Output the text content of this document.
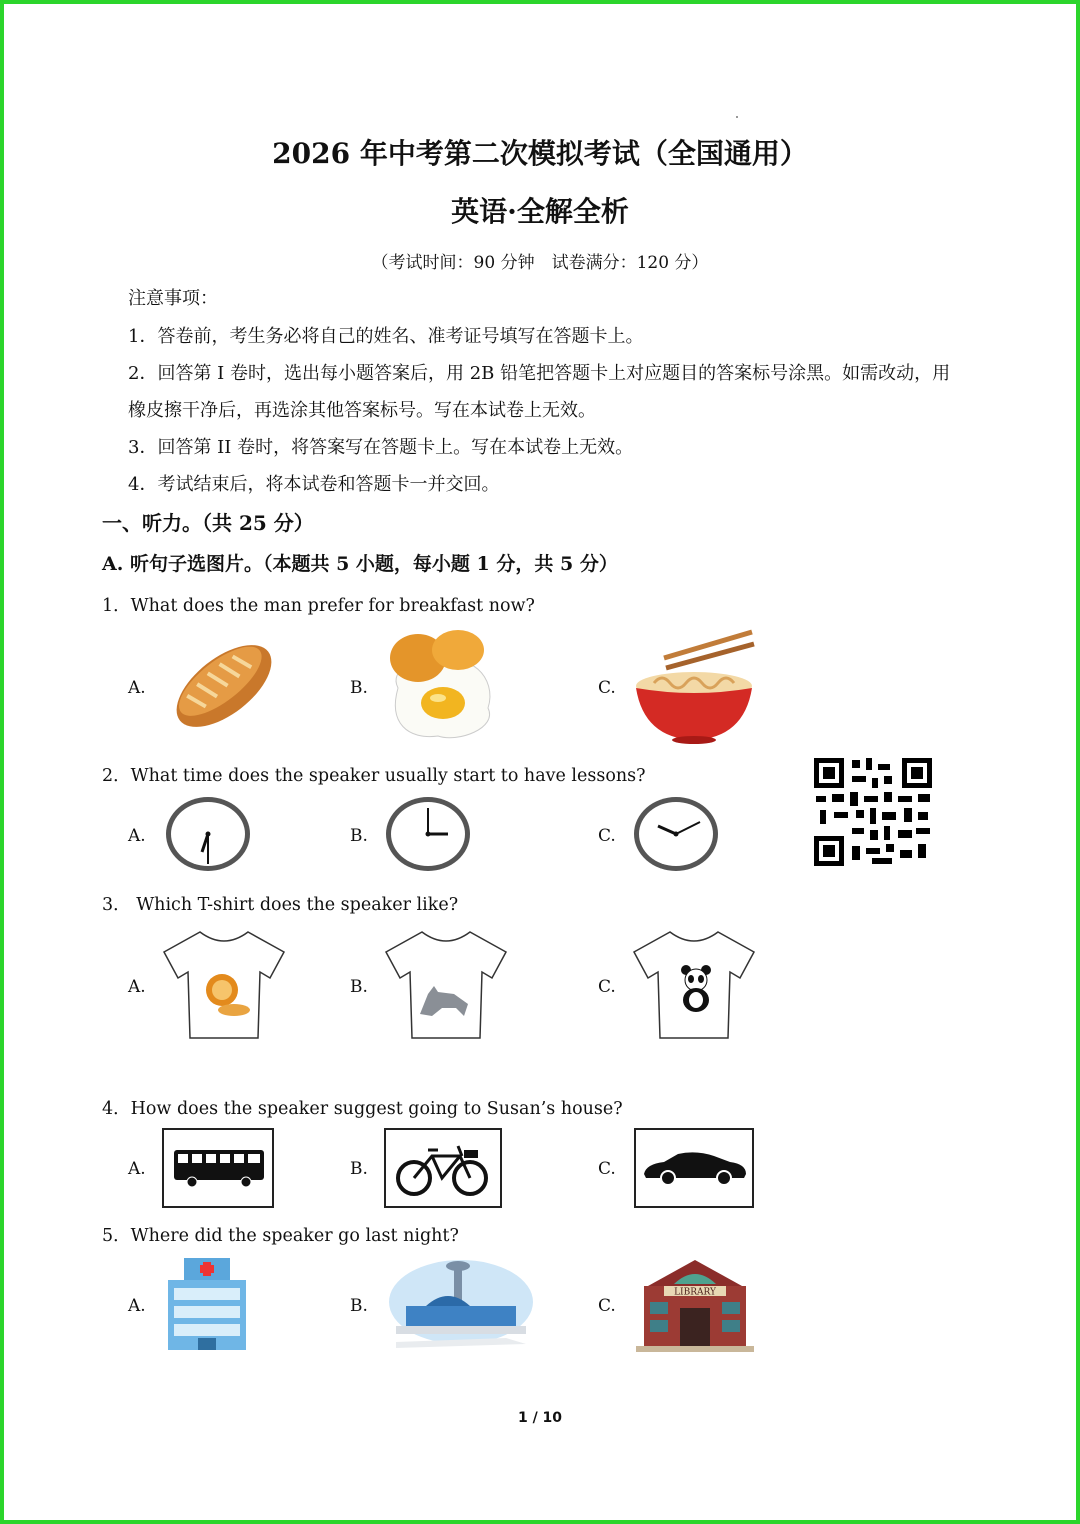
2026 年中考第二次模拟考试（全国通用）
英语·全解全析
（考试时间：90 分钟　试卷满分：120 分）
注意事项：
1．答卷前，考生务必将自己的姓名、准考证号填写在答题卡上。
2．回答第 I 卷时，选出每小题答案后，用 2B 铅笔把答题卡上对应题目的答案标号涂黑。如需改动，用
橡皮擦干净后，再选涂其他答案标号。写在本试卷上无效。
3．回答第 II 卷时，将答案写在答题卡上。写在本试卷上无效。
4．考试结束后，将本试卷和答题卡一并交回。
一、听力。（共 25 分）
A. 听句子选图片。（本题共 5 小题，每小题 1 分，共 5 分）
1．What does the man prefer for breakfast now?
A.	B.	C.
2．What time does the speaker usually start to have lessons?
A.	B.	C.
3． Which T-shirt does the speaker like?
A.	B.	C.
4．How does the speaker suggest going to Susan’s house?
A.	B.	C.
5．Where did the speaker go last night?
A.	B.	C.
LIBRARY
1 / 10
